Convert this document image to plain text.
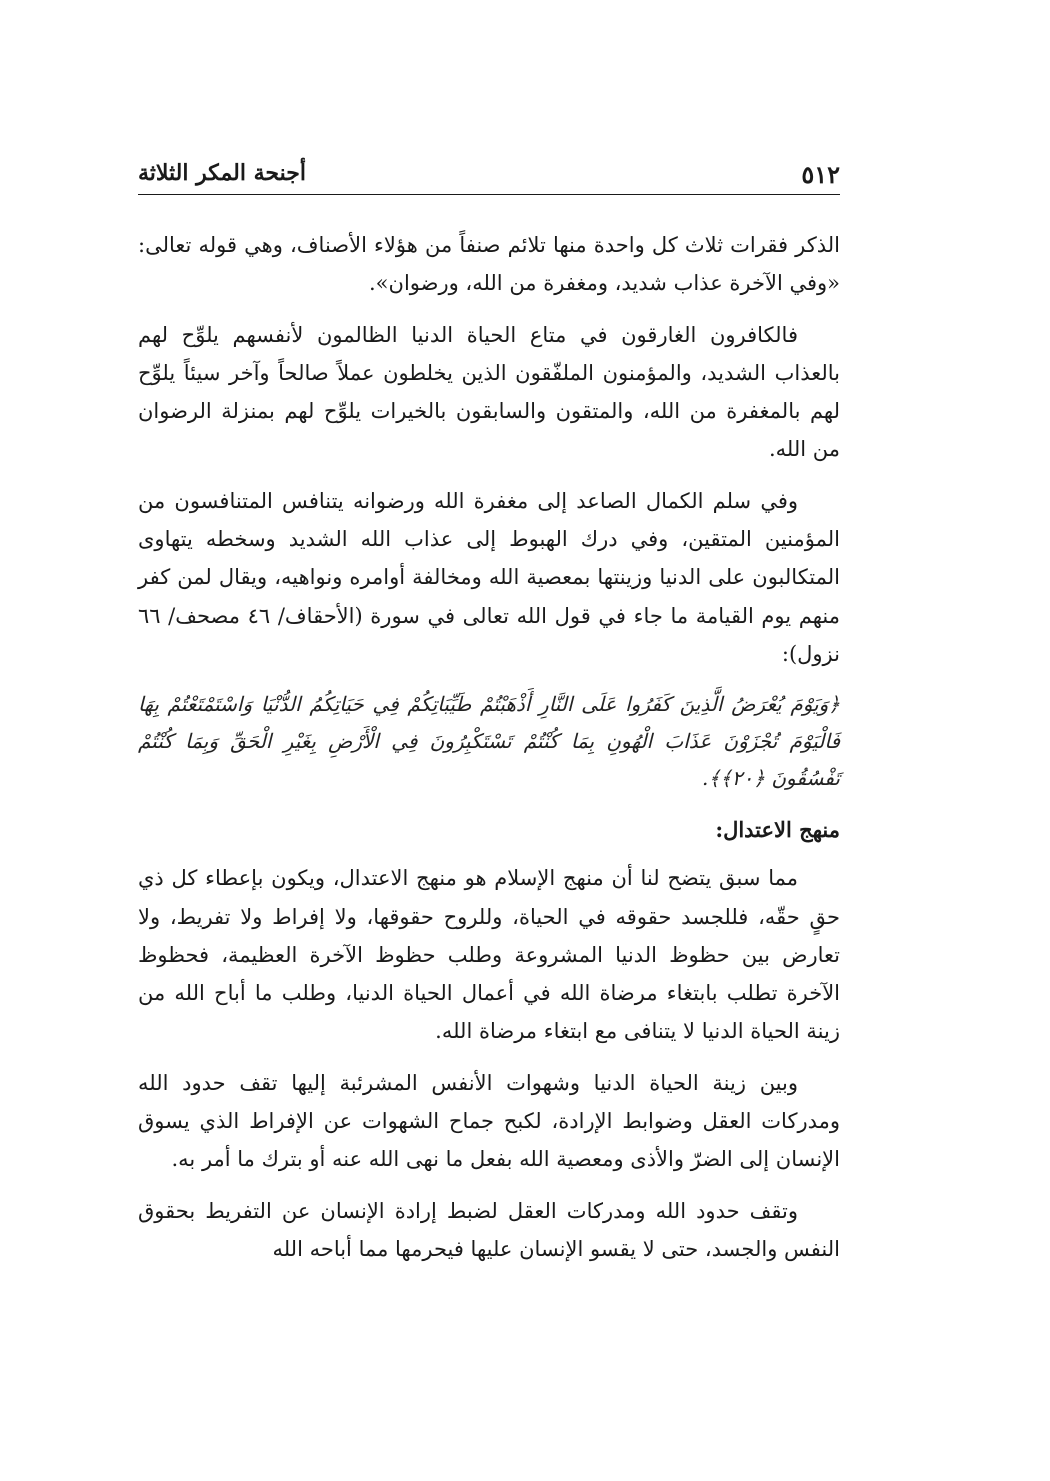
٥١٢
أجنحة المكر الثلاثة

الذكر فقرات ثلاث كل واحدة منها تلائم صنفاً من هؤلاء الأصناف، وهي قوله تعالى: «وفي الآخرة عذاب شديد، ومغفرة من الله، ورضوان».

فالكافرون الغارقون في متاع الحياة الدنيا الظالمون لأنفسهم يلوِّح لهم بالعذاب الشديد، والمؤمنون الملفّقون الذين يخلطون عملاً صالحاً وآخر سيئاً يلوِّح لهم بالمغفرة من الله، والمتقون والسابقون بالخيرات يلوِّح لهم بمنزلة الرضوان من الله.

وفي سلم الكمال الصاعد إلى مغفرة الله ورضوانه يتنافس المتنافسون من المؤمنين المتقين، وفي درك الهبوط إلى عذاب الله الشديد وسخطه يتهاوى المتكالبون على الدنيا وزينتها بمعصية الله ومخالفة أوامره ونواهيه، ويقال لمن كفر منهم يوم القيامة ما جاء في قول الله تعالى في سورة (الأحقاف/ ٤٦ مصحف/ ٦٦ نزول):

﴿وَيَوْمَ يُعْرَضُ الَّذِينَ كَفَرُوا عَلَى النَّارِ أَذْهَبْتُمْ طَيِّبَاتِكُمْ فِي حَيَاتِكُمُ الدُّنْيَا وَاسْتَمْتَعْتُمْ بِهَا فَالْيَوْمَ تُجْزَوْنَ عَذَابَ الْهُونِ بِمَا كُنْتُمْ تَسْتَكْبِرُونَ فِي الْأَرْضِ بِغَيْرِ الْحَقِّ وَبِمَا كُنْتُمْ تَفْسُقُونَ ﴿٢٠﴾﴾.

منهج الاعتدال:

مما سبق يتضح لنا أن منهج الإسلام هو منهج الاعتدال، ويكون بإعطاء كل ذي حقٍ حقّه، فللجسد حقوقه في الحياة، وللروح حقوقها، ولا إفراط ولا تفريط، ولا تعارض بين حظوظ الدنيا المشروعة وطلب حظوظ الآخرة العظيمة، فحظوظ الآخرة تطلب بابتغاء مرضاة الله في أعمال الحياة الدنيا، وطلب ما أباح الله من زينة الحياة الدنيا لا يتنافى مع ابتغاء مرضاة الله.

وبين زينة الحياة الدنيا وشهوات الأنفس المشرئبة إليها تقف حدود الله ومدركات العقل وضوابط الإرادة، لكبح جماح الشهوات عن الإفراط الذي يسوق الإنسان إلى الضرّ والأذى ومعصية الله بفعل ما نهى الله عنه أو بترك ما أمر به.

وتقف حدود الله ومدركات العقل لضبط إرادة الإنسان عن التفريط بحقوق النفس والجسد، حتى لا يقسو الإنسان عليها فيحرمها مما أباحه الله
